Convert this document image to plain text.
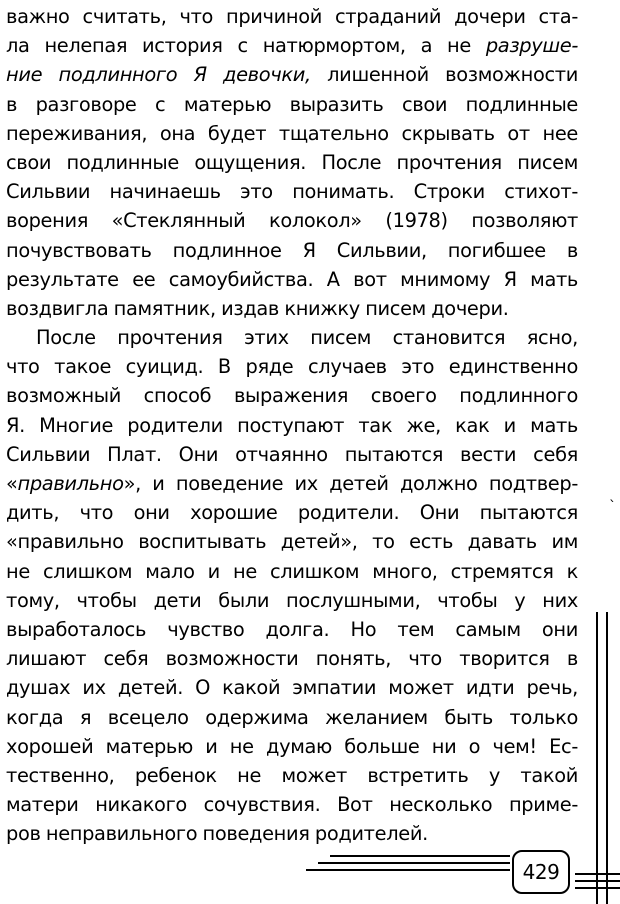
важно считать, что причиной страданий дочери ста-
ла нелепая история с натюрмортом, а не разруше-
ние подлинного Я девочки, лишенной возможности
в разговоре с матерью выразить свои подлинные
переживания, она будет тщательно скрывать от нее
свои подлинные ощущения. После прочтения писем
Сильвии начинаешь это понимать. Строки стихот-
ворения «Стеклянный колокол» (1978) позволяют
почувствовать подлинное Я Сильвии, погибшее в
результате ее самоубийства. А вот мнимому Я мать
воздвигла памятник, издав книжку писем дочери.
После прочтения этих писем становится ясно,
что такое суицид. В ряде случаев это единственно
возможный способ выражения своего подлинного
Я. Многие родители поступают так же, как и мать
Сильвии Плат. Они отчаянно пытаются вести себя
«правильно», и поведение их детей должно подтвер-
дить, что они хорошие родители. Они пытаются
«правильно воспитывать детей», то есть давать им
не слишком мало и не слишком много, стремятся к
тому, чтобы дети были послушными, чтобы у них
выработалось чувство долга. Но тем самым они
лишают себя возможности понять, что творится в
душах их детей. О какой эмпатии может идти речь,
когда я всецело одержима желанием быть только
хорошей матерью и не думаю больше ни о чем! Ес-
тественно, ребенок не может встретить у такой
матери никакого сочувствия. Вот несколько приме-
ров неправильного поведения родителей.
`
429
